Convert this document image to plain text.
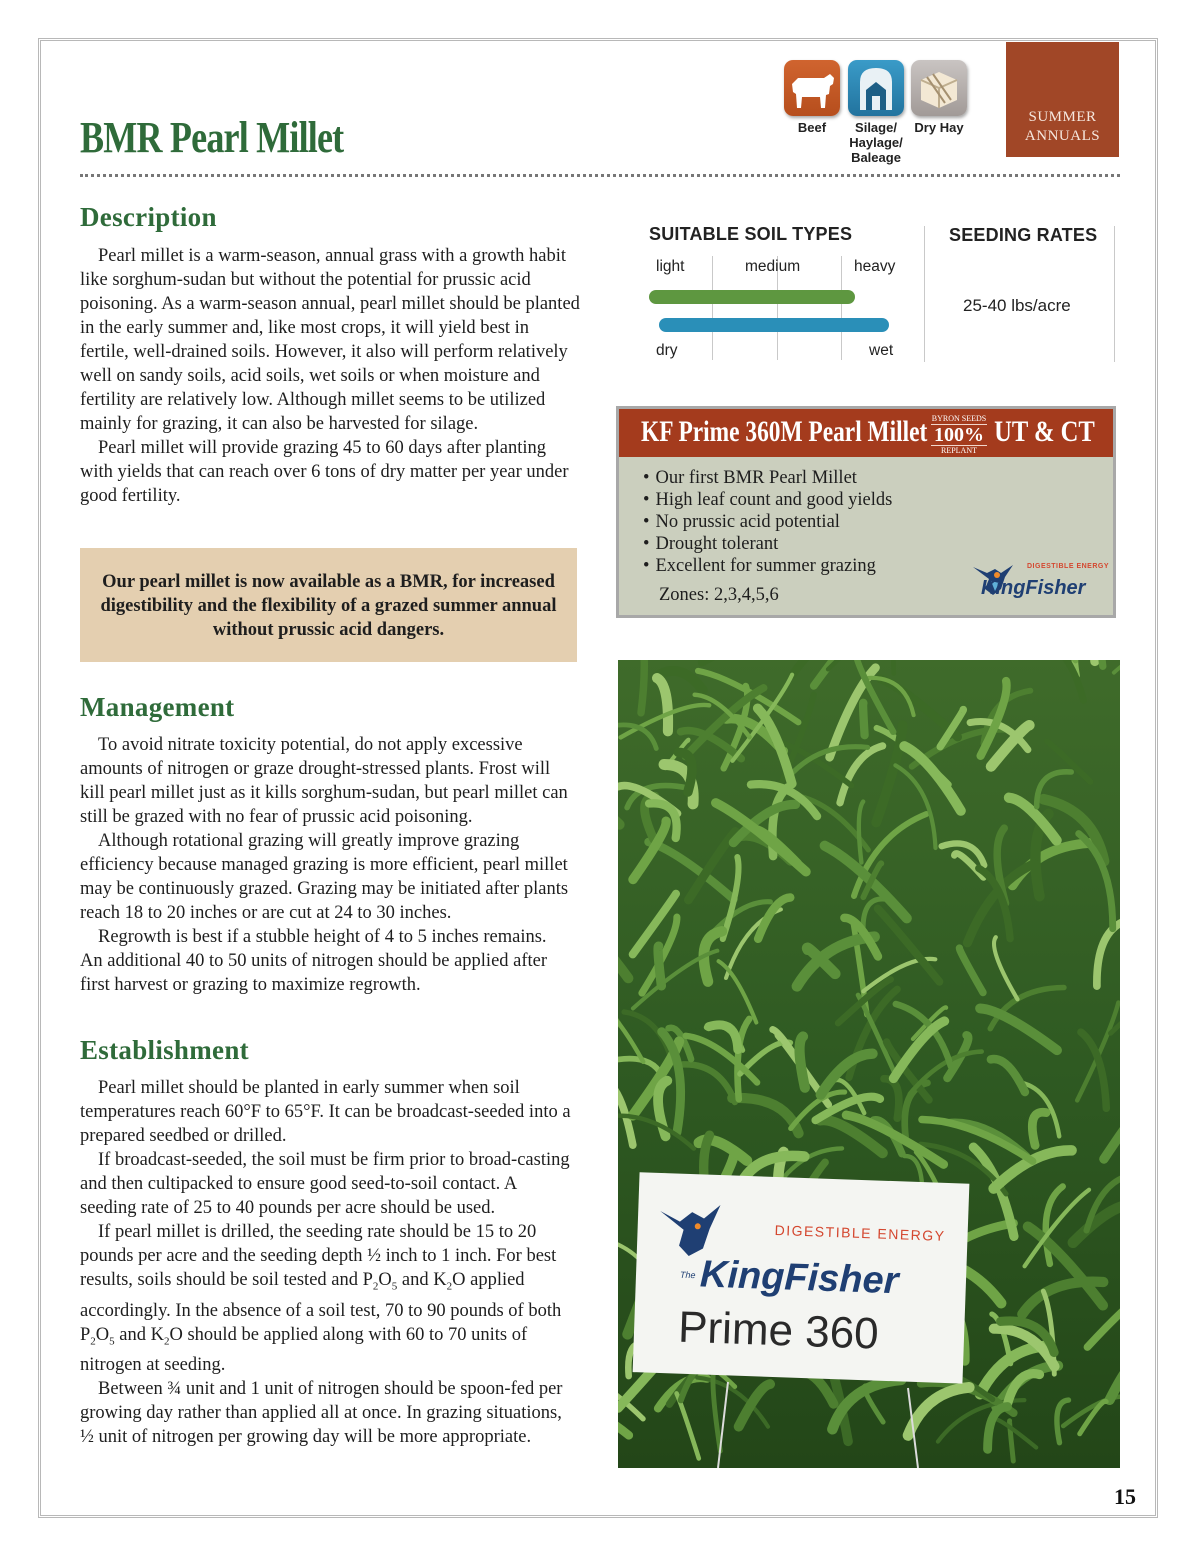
BMR Pearl Millet	Beef	Silage/ Haylage/ Baleage
Dry Hay
SUMMER
ANNUALS
Description

Pearl millet is a warm-season, annual grass with a growth habit like sorghum-sudan but without the potential for prussic acid poisoning. As a warm-season annual, pearl millet should be planted in the early summer and, like most crops, it will yield best in fertile, well-drained soils. However, it also will perform relatively well on sandy soils, acid soils, wet soils or when moisture and fertility are relatively low. Although millet seems to be utilized mainly for grazing, it can also be harvested for silage.

Pearl millet will provide grazing 45 to 60 days after planting with yields that can reach over 6 tons of dry matter per year under good fertility.

Our pearl millet is now available as a BMR, for increased digestibility and the flexibility of a grazed summer annual without prussic acid dangers.
SUITABLE SOIL TYPES	SEEDING RATES
light	medium	heavy
dry	wet
25-40 lbs/acre
KF Prime 360M Pearl Millet BYRON SEEDS
100%
REPLANT
UT & CT
• Our first BMR Pearl Millet
• High leaf count and good yields
• No prussic acid potential
• Drought tolerant
• Excellent for summer grazing
Zones: 2,3,4,5,6
DIGESTIBLE ENERGY
KingFisher
Management

To avoid nitrate toxicity potential, do not apply excessive amounts of nitrogen or graze drought-stressed plants. Frost will kill pearl millet just as it kills sorghum-sudan, but pearl millet can still be grazed with no fear of prussic acid poisoning.

Although rotational grazing will greatly improve grazing efficiency because managed grazing is more efficient, pearl millet may be continuously grazed. Grazing may be initiated after plants reach 18 to 20 inches or are cut at 24 to 30 inches.

Regrowth is best if a stubble height of 4 to 5 inches remains. An additional 40 to 50 units of nitrogen should be applied after first harvest or grazing to maximize regrowth.

Establishment

Pearl millet should be planted in early summer when soil temperatures reach 60°F to 65°F. It can be broadcast-seeded into a prepared seedbed or drilled.

If broadcast-seeded, the soil must be firm prior to broad-casting and then cultipacked to ensure good seed-to-soil contact. A seeding rate of 25 to 40 pounds per acre should be used.

If pearl millet is drilled, the seeding rate should be 15 to 20 pounds per acre and the seeding depth ½ inch to 1 inch. For best results, soils should be soil tested and $P_2O_5$ and $K_2O$ applied accordingly. In the absence of a soil test, 70 to 90 pounds of both $P_2O_5$ and $K_2O$ should be applied along with 60 to 70 units of nitrogen at seeding.

Between ¾ unit and 1 unit of nitrogen should be spoon-fed per growing day rather than applied all at once. In grazing situations, ½ unit of nitrogen per growing day will be more appropriate.

DIGESTIBLE ENERGY
The KingFisher
Prime 360
15
